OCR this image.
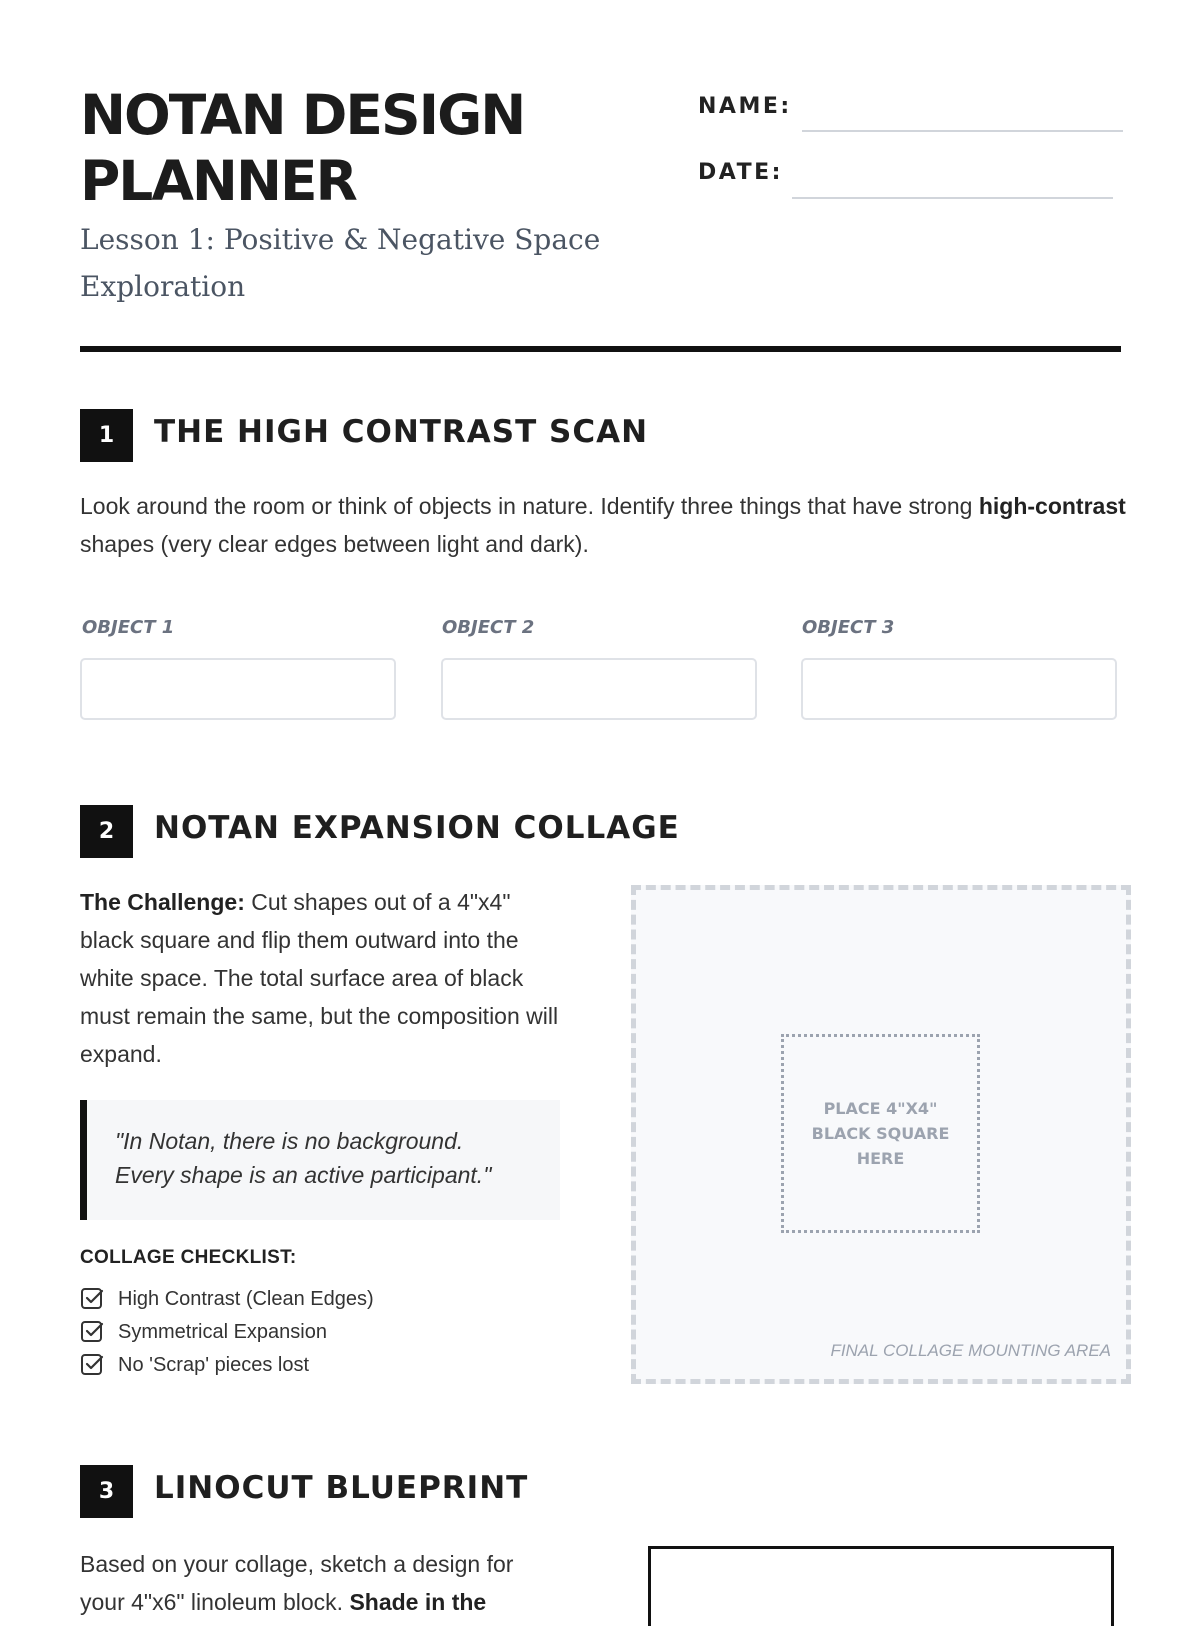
NOTAN DESIGN
PLANNER
Lesson 1: Positive & Negative Space
Exploration
NAME:
DATE:
1	THE HIGH CONTRAST SCAN
Look around the room or think of objects in nature. Identify three things that have strong high-contrast shapes (very clear edges between light and dark).
OBJECT 1	OBJECT 2	OBJECT 3
2	NOTAN EXPANSION COLLAGE
The Challenge: Cut shapes out of a 4"x4" black square and flip them outward into the white space. The total surface area of black must remain the same, but the composition will expand.
"In Notan, there is no background.
Every shape is an active participant."
COLLAGE CHECKLIST:
High Contrast (Clean Edges)
Symmetrical Expansion
No 'Scrap' pieces lost
PLACE 4"X4"
BLACK SQUARE
HERE
FINAL COLLAGE MOUNTING AREA
3	LINOCUT BLUEPRINT
Based on your collage, sketch a design for
your 4"x6" linoleum block. Shade in the
